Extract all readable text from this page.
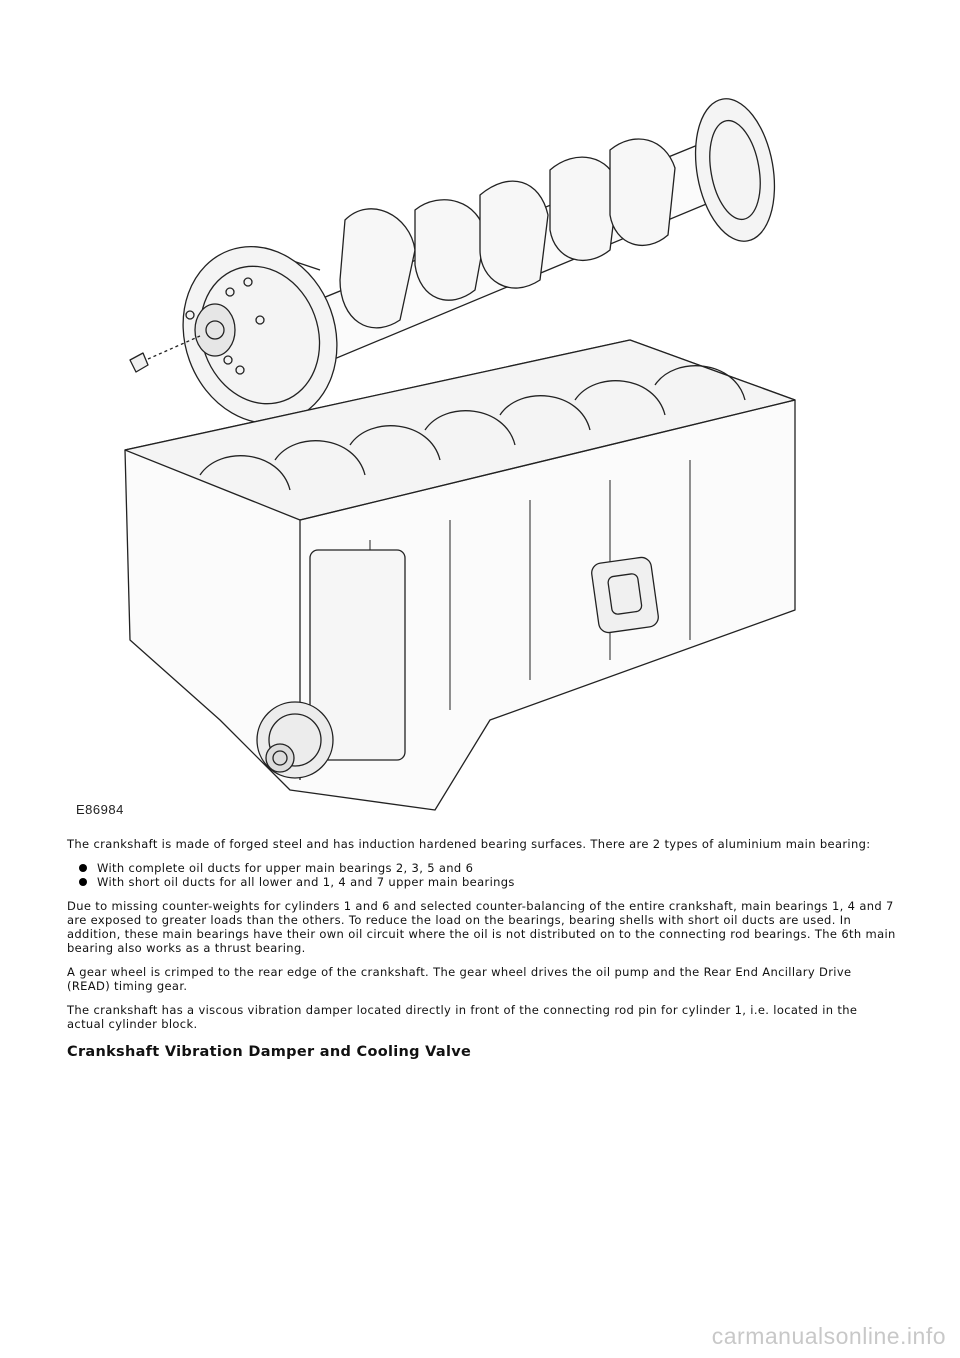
E86984

The crankshaft is made of forged steel and has induction hardened bearing surfaces. There are 2 types of aluminium main bearing:

With complete oil ducts for upper main bearings 2, 3, 5 and 6
With short oil ducts for all lower and 1, 4 and 7 upper main bearings

Due to missing counter-weights for cylinders 1 and 6 and selected counter-balancing of the entire crankshaft, main bearings 1, 4 and 7 are exposed to greater loads than the others. To reduce the load on the bearings, bearing shells with short oil ducts are used. In addition, these main bearings have their own oil circuit where the oil is not distributed on to the connecting rod bearings. The 6th main bearing also works as a thrust bearing.

A gear wheel is crimped to the rear edge of the crankshaft. The gear wheel drives the oil pump and the Rear End Ancillary Drive (READ) timing gear.

The crankshaft has a viscous vibration damper located directly in front of the connecting rod pin for cylinder 1, i.e. located in the actual cylinder block.

Crankshaft Vibration Damper and Cooling Valve
carmanualsonline.info
